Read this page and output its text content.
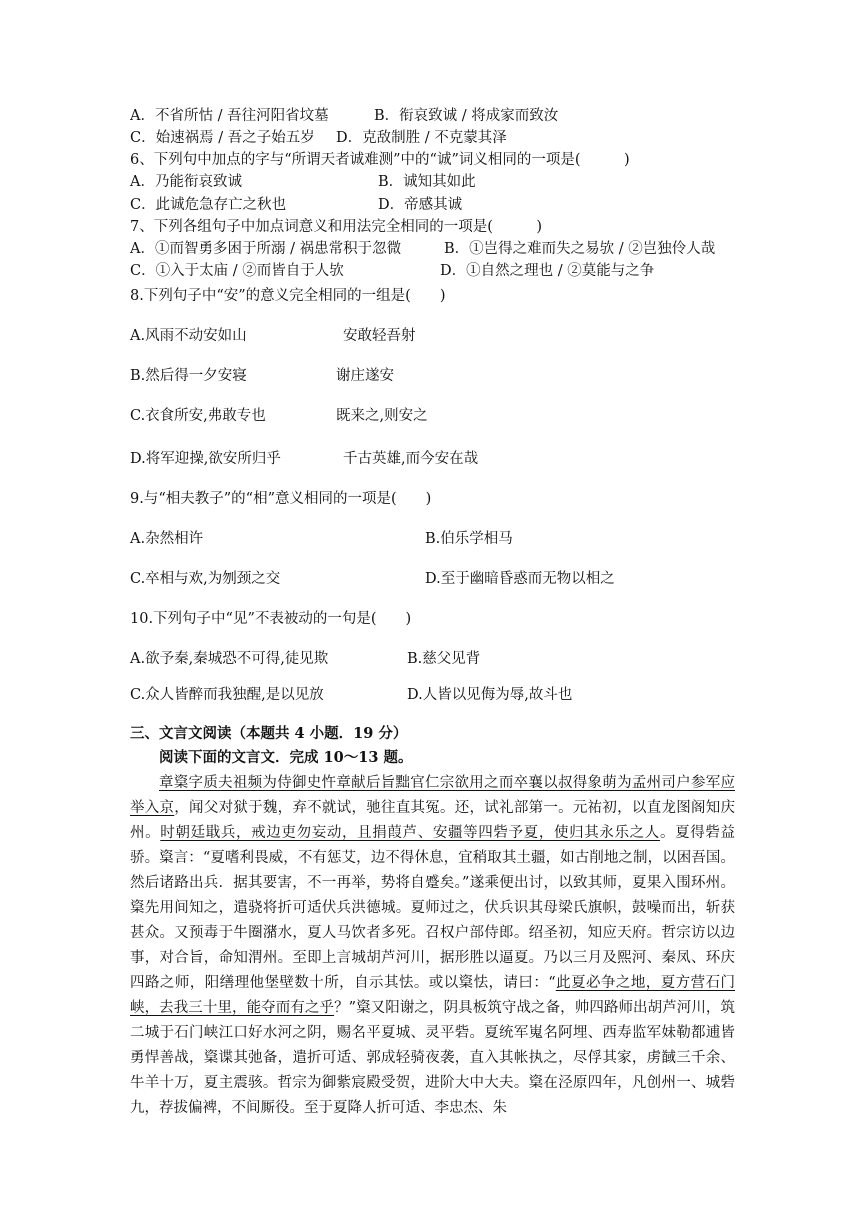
A．不省所怙 / 吾往河阳省坟墓	B．衔哀致诚 / 将成家而致汝
C．始速祸焉 / 吾之子始五岁 D．克敌制胜 / 不克蒙其泽
6、下列句中加点的字与“所谓天者诚难测”中的“诚”词义相同的一项是(　　　)
A．乃能衔哀致诚	B．诚知其如此
C．此诚危急存亡之秋也	D．帝感其诚
7、下列各组句子中加点词意义和用法完全相同的一项是(　　　)
A．①而智勇多困于所溺 / 祸患常积于忽微	B．①岂得之难而失之易欤 / ②岂独伶人哉
C．①入于太庙 / ②而皆自于人欤	D．①自然之理也 / ②莫能与之争
8.下列句子中“安”的意义完全相同的一组是(　　)
A.风雨不动安如山	安敢轻吾射
B.然后得一夕安寝	谢庄遂安
C.衣食所安,弗敢专也	既来之,则安之
D.将军迎操,欲安所归乎	千古英雄,而今安在哉
9.与“相夫教子”的“相”意义相同的一项是(　　)
A.杂然相许	B.伯乐学相马
C.卒相与欢,为刎颈之交	D.至于幽暗昏惑而无物以相之
10.下列句子中“见”不表被动的一句是(　　)
A.欲予秦,秦城恐不可得,徒见欺	B.慈父见背
C.众人皆醉而我独醒,是以见放	D.人皆以见侮为辱,故斗也
三、文言文阅读（本题共 4 小题．19 分）
阅读下面的文言文．完成 10～13 题。

章楶字质夫祖频为侍御史忤章献后旨黜官仁宗欲用之而卒襄以叔得象萌为孟州司户参军应举入京，闻父对狱于魏，弃不就试，驰往直其冤。还，试礼部第一。元祐初，以直龙图阁知庆州。时朝廷戢兵，戒边吏勿妄动，且捐葭芦、安疆等四砦予夏，使归其永乐之人。夏得砦益骄。楶言：“夏嗜利畏威，不有惩艾，边不得休息，宜稍取其土疆，如古削地之制，以困吾国。然后诸路出兵．据其要害，不一再举，势将自蹙矣。”遂乘便出讨，以致其师，夏果入围环州。楶先用间知之，遣骁将折可适伏兵洪德城。夏师过之，伏兵识其母梁氏旗帜，鼓噪而出，斩获甚众。又预毒于牛圈潴水，夏人马饮者多死。召权户部侍郎。绍圣初，知应天府。哲宗访以边事，对合旨，命知渭州。至即上言城胡芦河川，据形胜以逼夏。乃以三月及熙河、秦凤、环庆四路之师，阳缮理他堡壁数十所，自示其怯。或以楶怯，请曰：“此夏必争之地，夏方营石门峡，去我三十里，能夺而有之乎？”楶又阳谢之，阴具板筑守战之备，帅四路师出胡芦河川，筑二城于石门峡江口好水河之阴，赐名平夏城、灵平砦。夏统军嵬名阿埋、西寿监军妹勒都逋皆勇悍善战，楶谍其弛备，遣折可适、郭成轻骑夜袭，直入其帐执之，尽俘其家，虏馘三千余、牛羊十万，夏主震骇。哲宗为御紫宸殿受贺，进阶大中大夫。楶在泾原四年，凡创州一、城砦九，荐拔偏裨，不间厮役。至于夏降人折可适、李忠杰、朱
